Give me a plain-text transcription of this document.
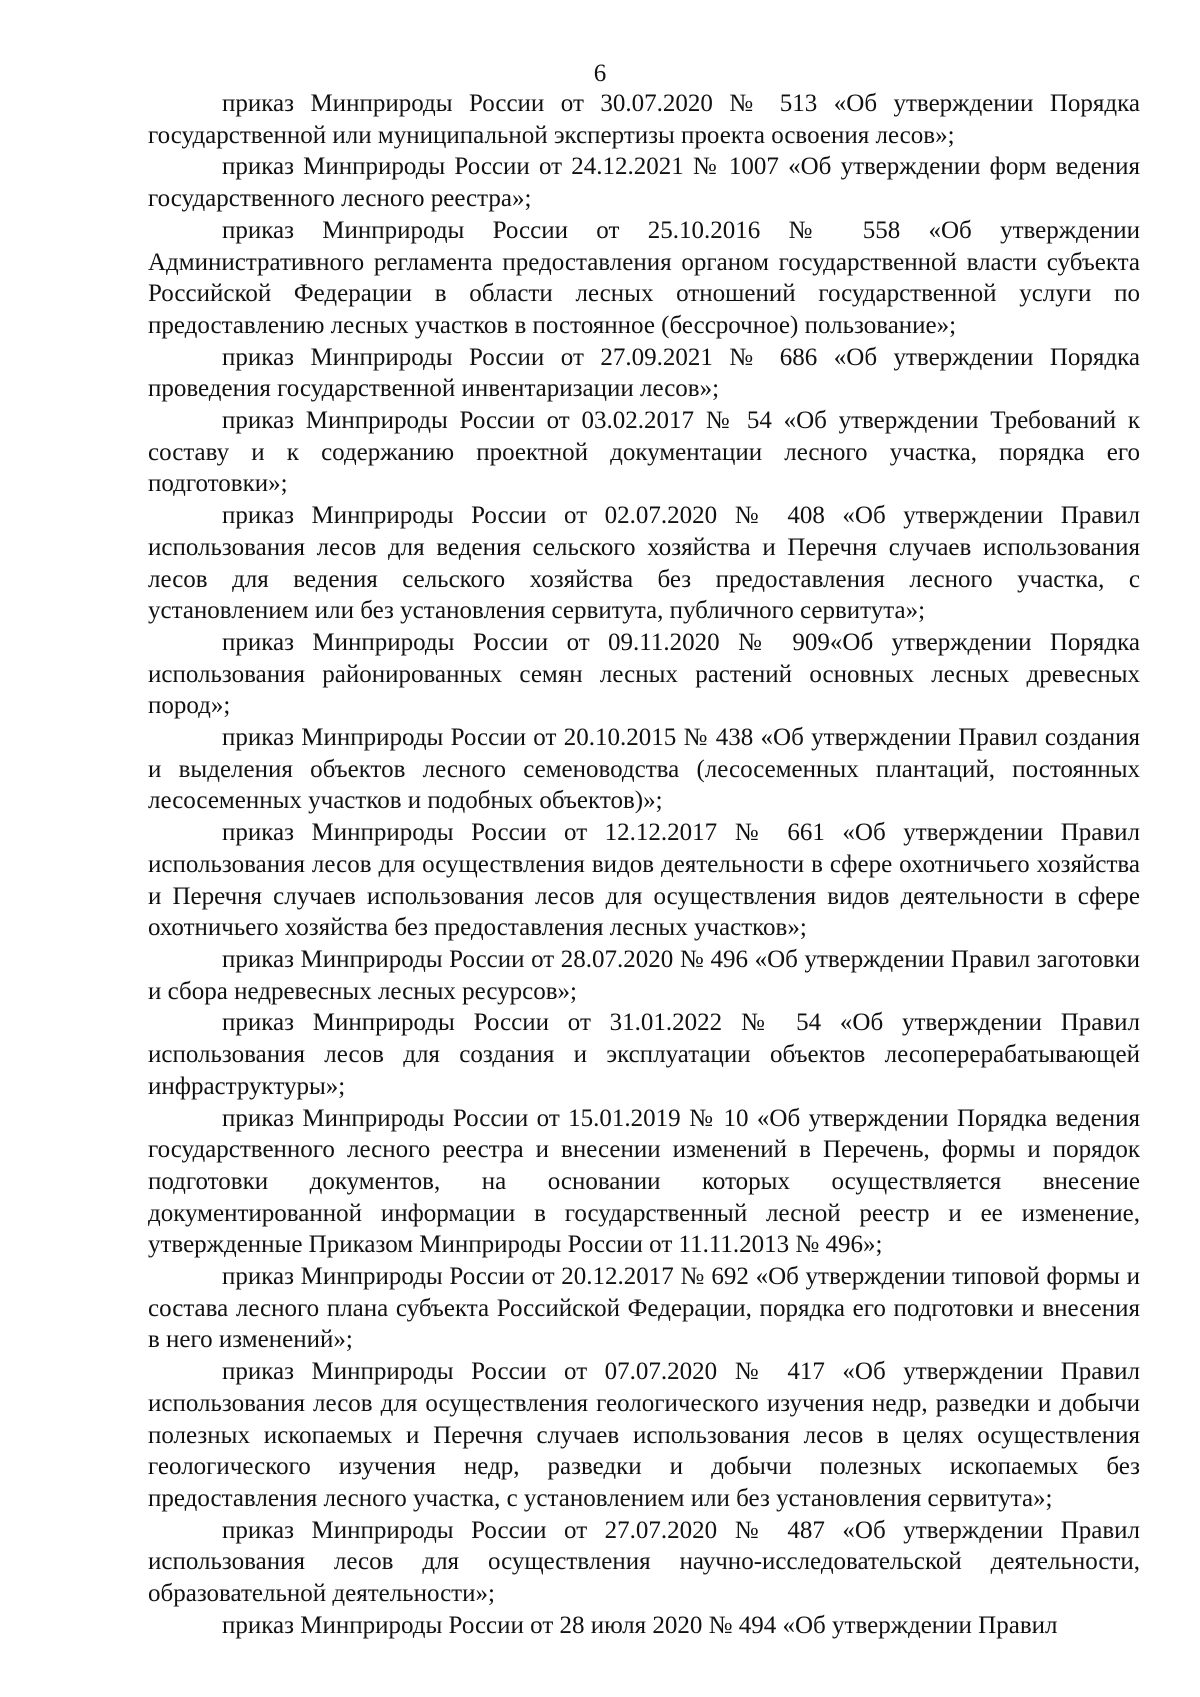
6

приказ Минприроды России от 30.07.2020 № 513 «Об утверждении Порядка государственной или муниципальной экспертизы проекта освоения лесов»;

приказ Минприроды России от 24.12.2021 № 1007 «Об утверждении форм ведения государственного лесного реестра»;

приказ Минприроды России от 25.10.2016 № 558 «Об утверждении Административного регламента предоставления органом государственной власти субъекта Российской Федерации в области лесных отношений государственной услуги по предоставлению лесных участков в постоянное (бессрочное) пользование»;

приказ Минприроды России от 27.09.2021 № 686 «Об утверждении Порядка проведения государственной инвентаризации лесов»;

приказ Минприроды России от 03.02.2017 № 54 «Об утверждении Требований к составу и к содержанию проектной документации лесного участка, порядка его подготовки»;

приказ Минприроды России от 02.07.2020 № 408 «Об утверждении Правил использования лесов для ведения сельского хозяйства и Перечня случаев использования лесов для ведения сельского хозяйства без предоставления лесного участка, с установлением или без установления сервитута, публичного сервитута»;

приказ Минприроды России от 09.11.2020 № 909«Об утверждении Порядка использования районированных семян лесных растений основных лесных древесных пород»;

приказ Минприроды России от 20.10.2015 № 438 «Об утверждении Правил создания и выделения объектов лесного семеноводства (лесосеменных плантаций, постоянных лесосеменных участков и подобных объектов)»;

приказ Минприроды России от 12.12.2017 № 661 «Об утверждении Правил использования лесов для осуществления видов деятельности в сфере охотничьего хозяйства и Перечня случаев использования лесов для осуществления видов деятельности в сфере охотничьего хозяйства без предоставления лесных участков»;

приказ Минприроды России от 28.07.2020 № 496 «Об утверждении Правил заготовки и сбора недревесных лесных ресурсов»;

приказ Минприроды России от 31.01.2022 № 54 «Об утверждении Правил использования лесов для создания и эксплуатации объектов лесоперерабатывающей инфраструктуры»;

приказ Минприроды России от 15.01.2019 № 10 «Об утверждении Порядка ведения государственного лесного реестра и внесении изменений в Перечень, формы и порядок подготовки документов, на основании которых осуществляется внесение документированной информации в государственный лесной реестр и ее изменение, утвержденные Приказом Минприроды России от 11.11.2013 № 496»;

приказ Минприроды России от 20.12.2017 № 692 «Об утверждении типовой формы и состава лесного плана субъекта Российской Федерации, порядка его подготовки и внесения в него изменений»;

приказ Минприроды России от 07.07.2020 № 417 «Об утверждении Правил использования лесов для осуществления геологического изучения недр, разведки и добычи полезных ископаемых и Перечня случаев использования лесов в целях осуществления геологического изучения недр, разведки и добычи полезных ископаемых без предоставления лесного участка, с установлением или без установления сервитута»;

приказ Минприроды России от 27.07.2020 № 487 «Об утверждении Правил использования лесов для осуществления научно-исследовательской деятельности, образовательной деятельности»;

приказ Минприроды России от 28 июля 2020 № 494 «Об утверждении Правил
